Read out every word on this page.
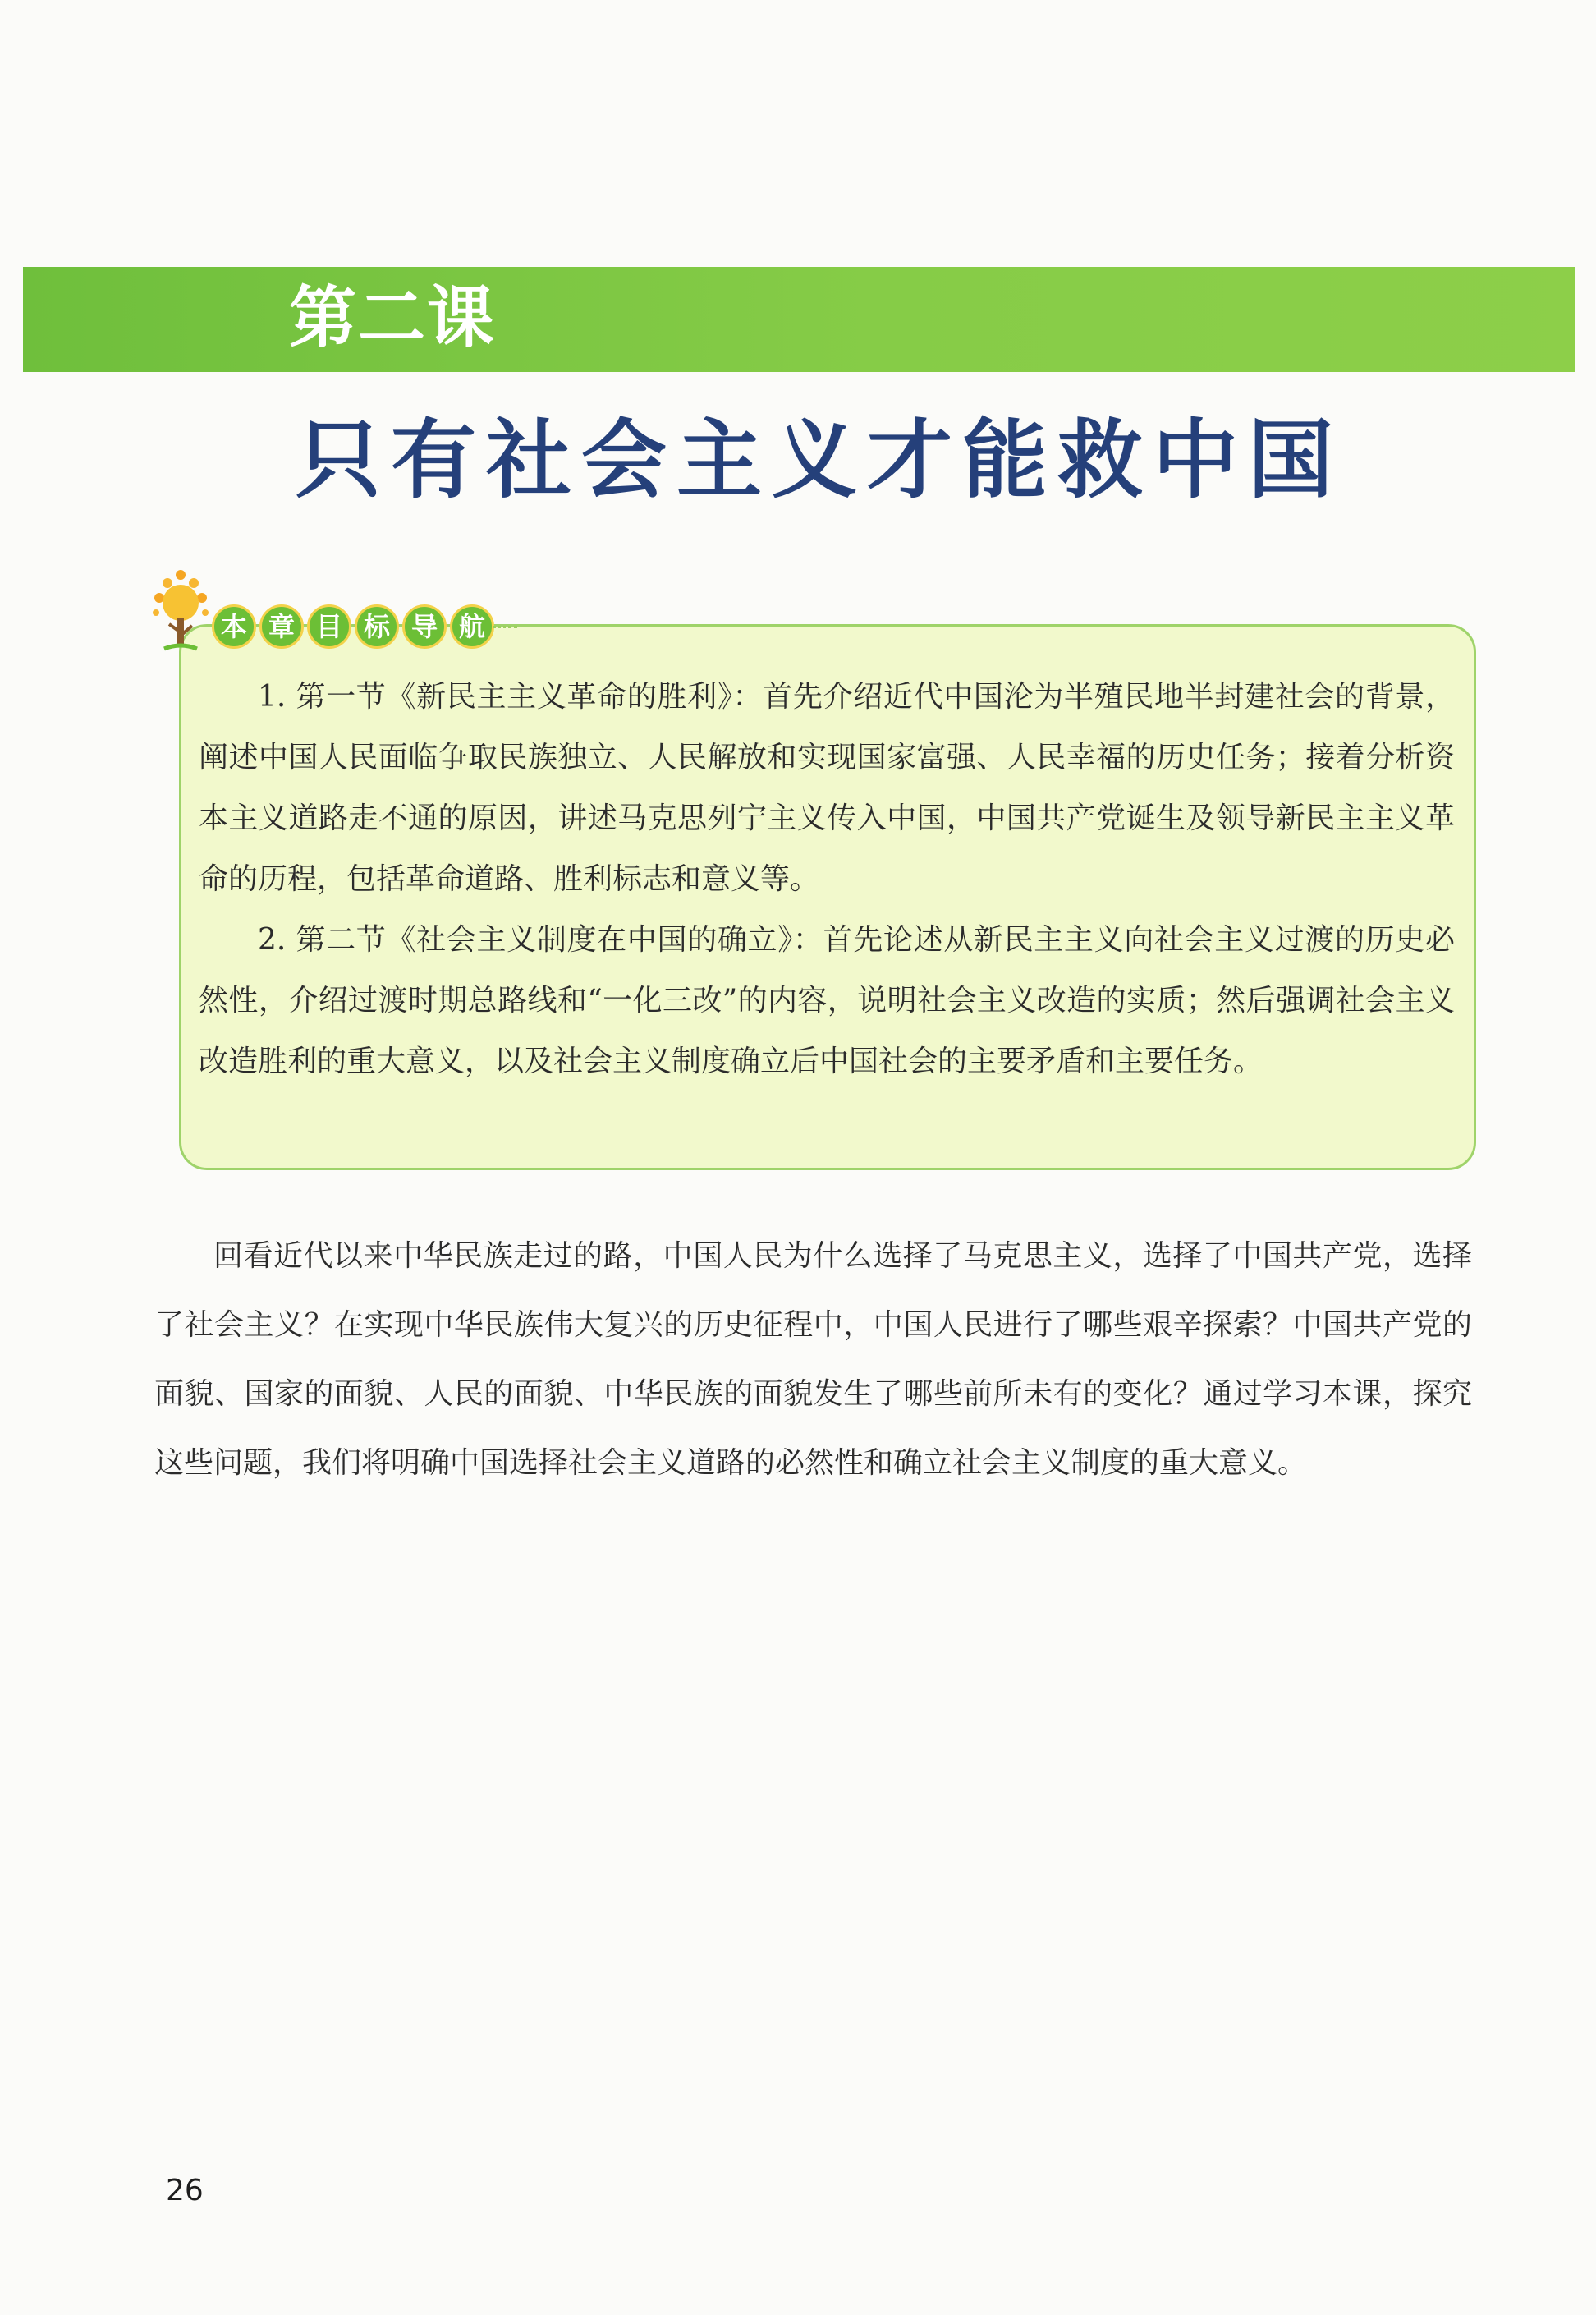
第二课
只有社会主义才能救中国
本 章 目 标 导 航

1. 第一节《新民主主义革命的胜利》：首先介绍近代中国沦为半殖民地半封建社会的背景，阐述中国人民面临争取民族独立、人民解放和实现国家富强、人民幸福的历史任务；接着分析资本主义道路走不通的原因，讲述马克思列宁主义传入中国，中国共产党诞生及领导新民主主义革命的历程，包括革命道路、胜利标志和意义等。

2. 第二节《社会主义制度在中国的确立》：首先论述从新民主主义向社会主义过渡的历史必然性，介绍过渡时期总路线和“一化三改”的内容，说明社会主义改造的实质；然后强调社会主义改造胜利的重大意义，以及社会主义制度确立后中国社会的主要矛盾和主要任务。

回看近代以来中华民族走过的路，中国人民为什么选择了马克思主义，选择了中国共产党，选择了社会主义？在实现中华民族伟大复兴的历史征程中，中国人民进行了哪些艰辛探索？中国共产党的面貌、国家的面貌、人民的面貌、中华民族的面貌发生了哪些前所未有的变化？通过学习本课，探究这些问题，我们将明确中国选择社会主义道路的必然性和确立社会主义制度的重大意义。

26
